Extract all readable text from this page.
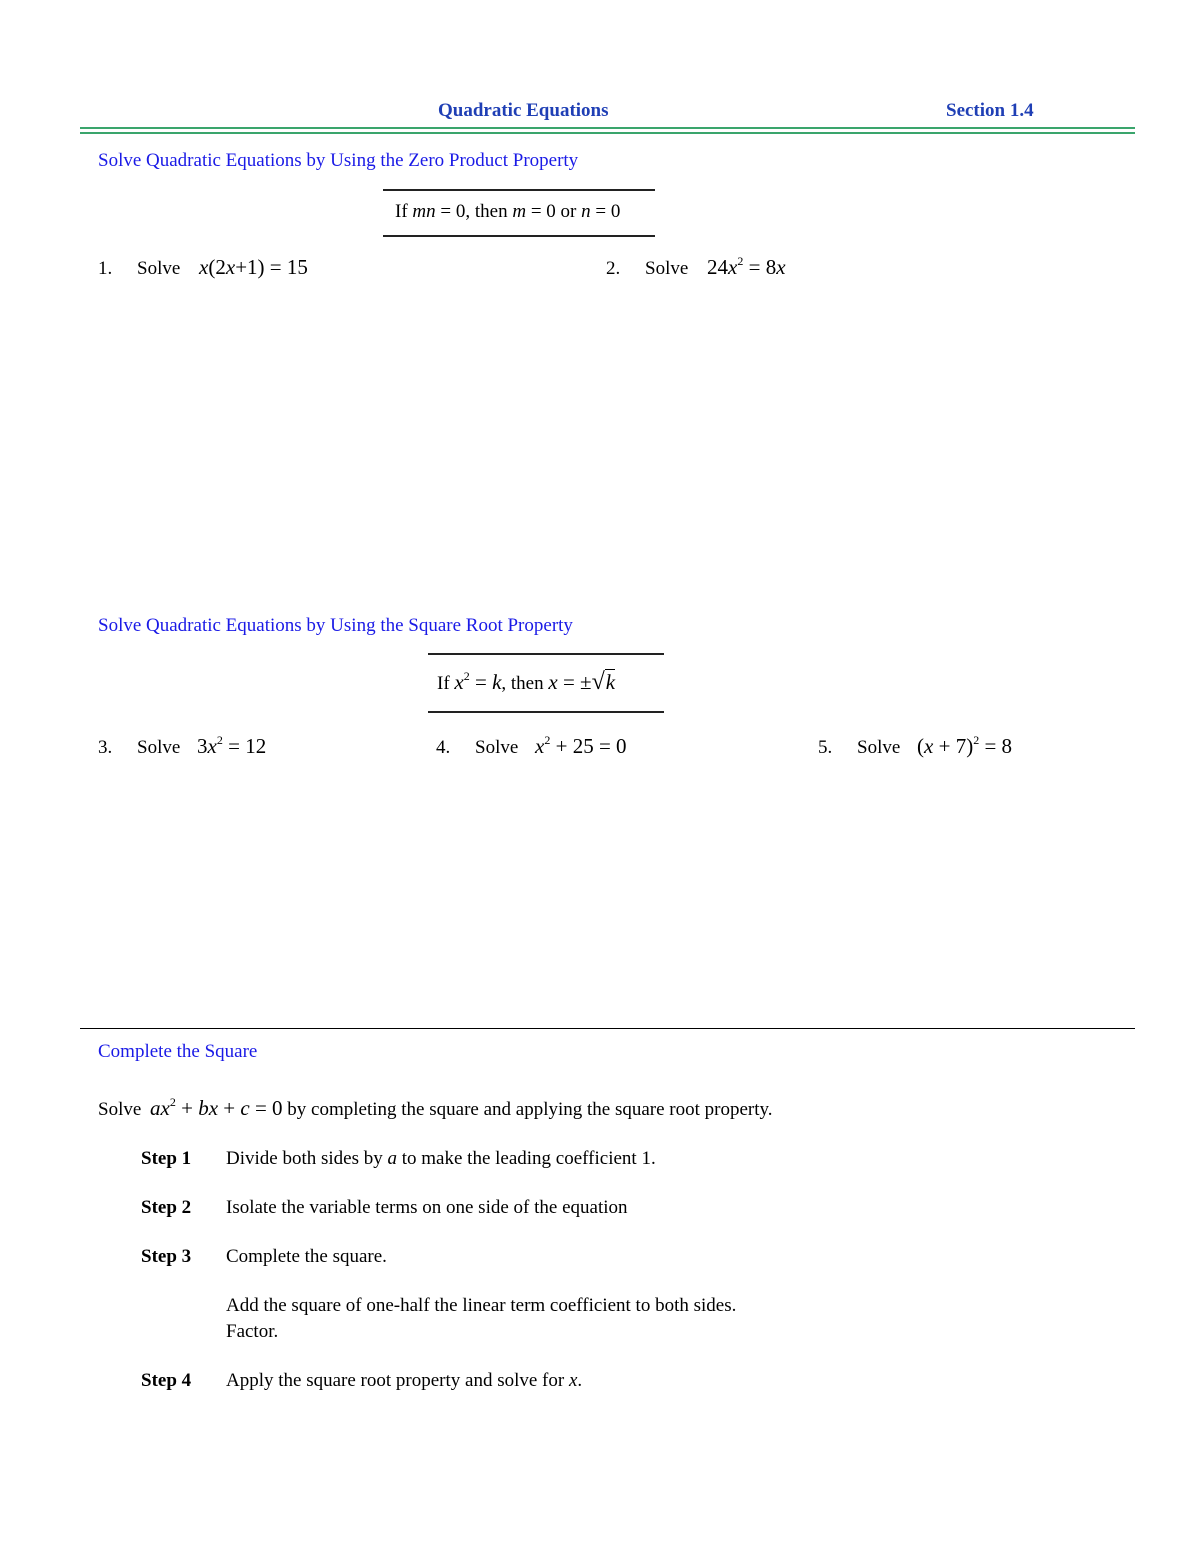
Quadratic Equations	Section 1.4
Solve Quadratic Equations by Using the Zero Product Property
If mn = 0, then m = 0 or n = 0
1. Solve x(2x+1) = 15	2. Solve $24x^2 = 8x$
Solve Quadratic Equations by Using the Square Root Property
If $x^2 = k$, then x = ±√k
3. Solve $3x^2 = 12$	4. Solve $x^2 + 25 = 0$	5. Solve $(x + 7)^2 = 8$
Complete the Square
Solve $ax^2$ + bx + c = 0 by completing the square and applying the square root property.
Step 1 Divide both sides by a to make the leading coefficient 1.
Step 2 Isolate the variable terms on one side of the equation
Step 3 Complete the square.
Add the square of one-half the linear term coefficient to both sides.
Factor.
Step 4 Apply the square root property and solve for x.
